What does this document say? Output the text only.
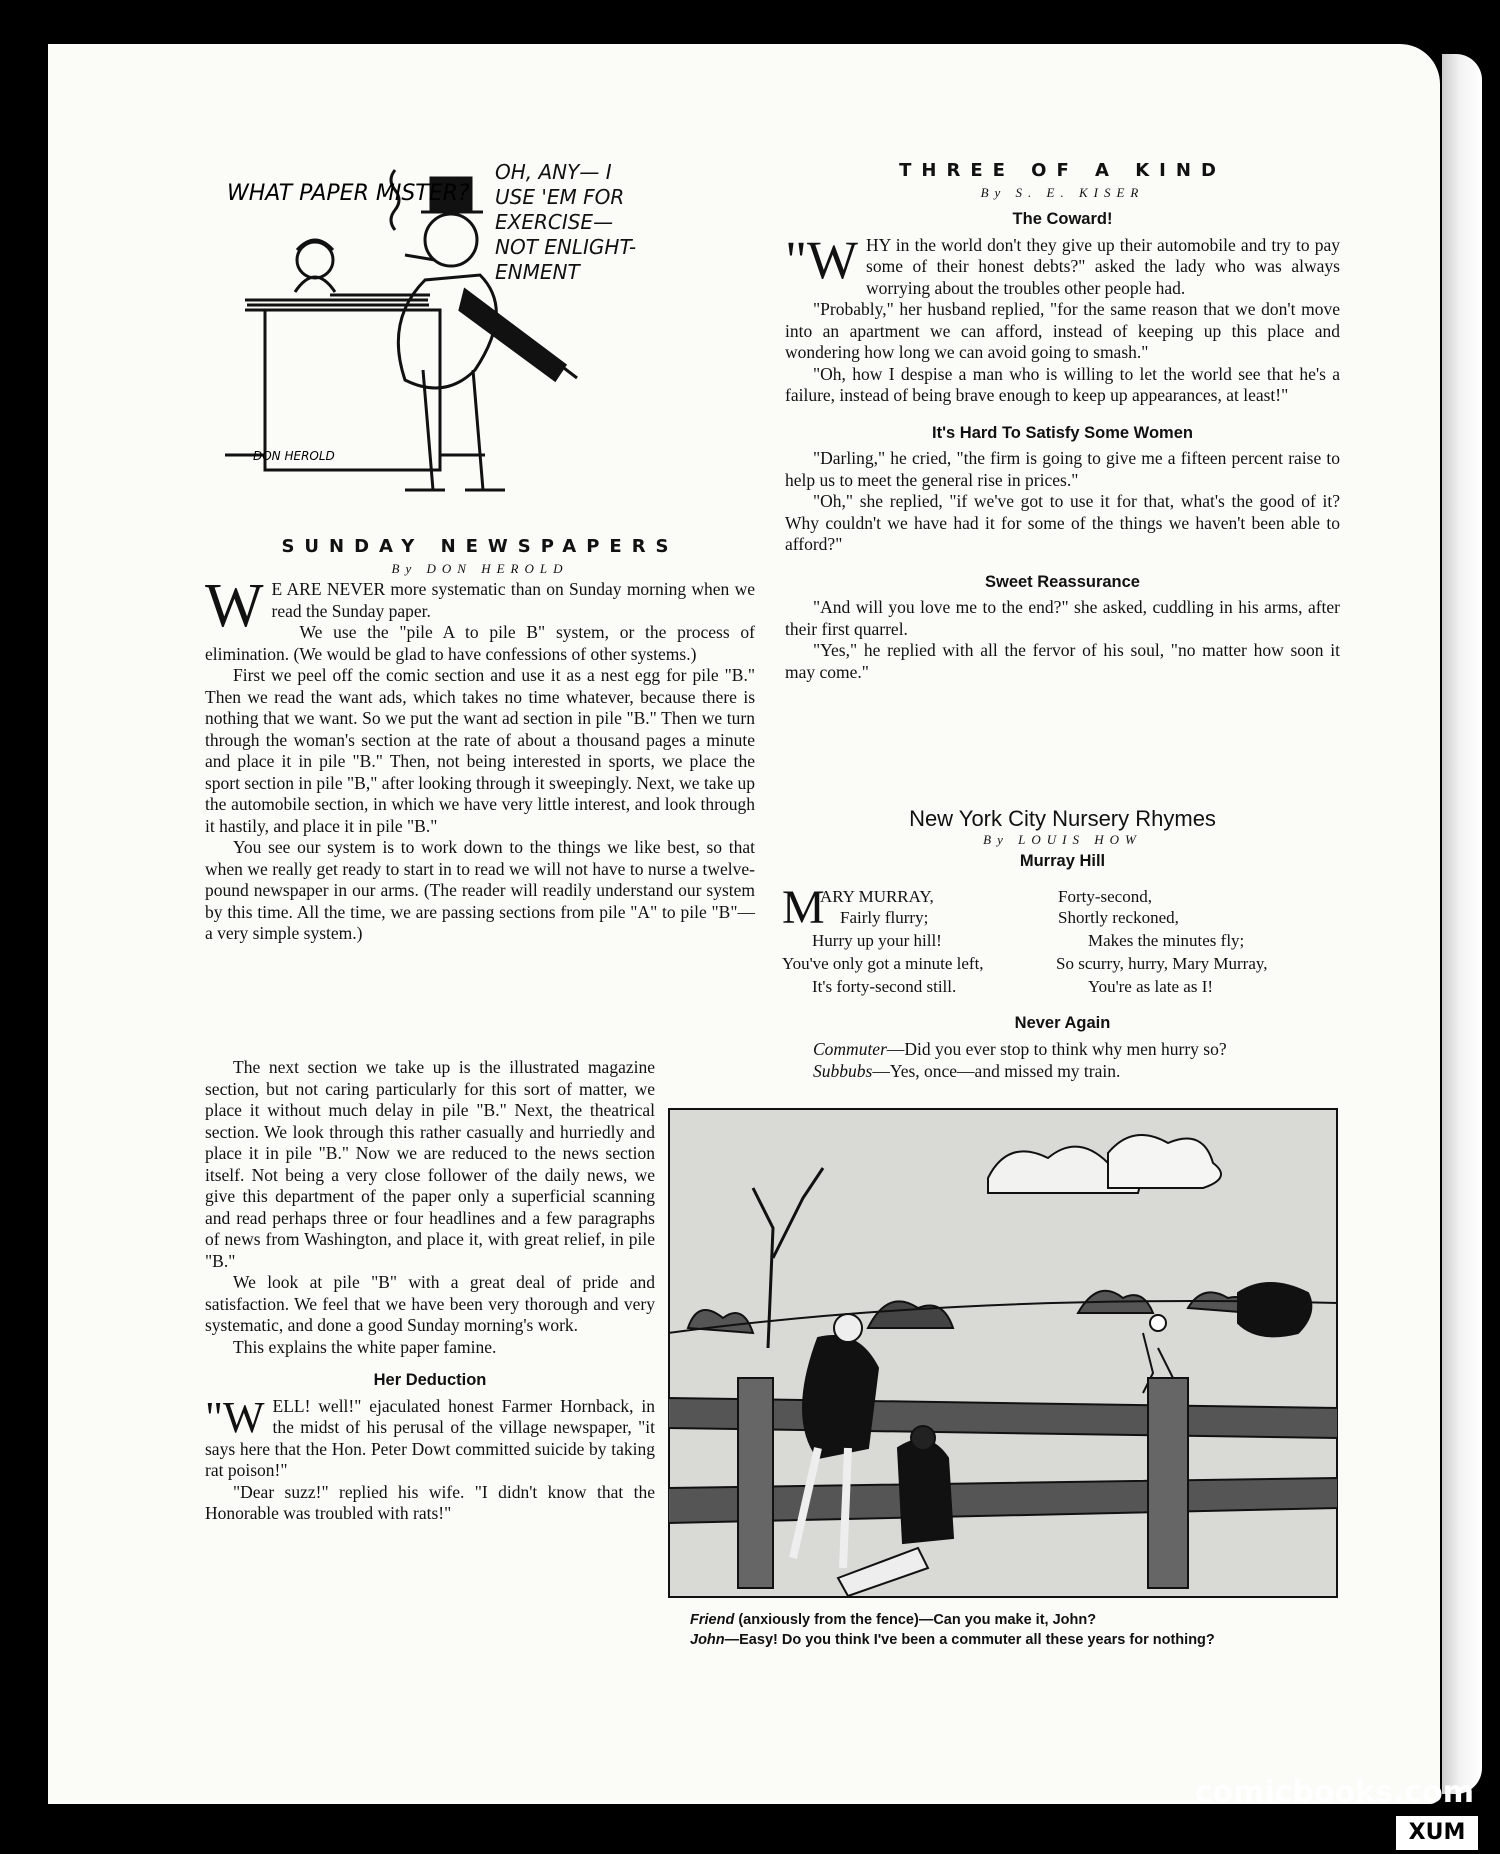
WHAT PAPER MISTER?
OH, ANY— I USE 'EM FOR EXERCISE— NOT ENLIGHT- ENMENT
DON HEROLD
SUNDAY NEWSPAPERS
By DON HEROLD

W E ARE NEVER more systematic than on Sunday morning when we read the Sunday paper.

We use the "pile A to pile B" system, or the process of elimination. (We would be glad to have confessions of other systems.)

First we peel off the comic section and use it as a nest egg for pile "B." Then we read the want ads, which takes no time whatever, because there is nothing that we want. So we put the want ad section in pile "B." Then we turn through the woman's section at the rate of about a thousand pages a minute and place it in pile "B." Then, not being interested in sports, we place the sport section in pile "B," after looking through it sweepingly. Next, we take up the automobile section, in which we have very little interest, and look through it hastily, and place it in pile "B."

You see our system is to work down to the things we like best, so that when we really get ready to start in to read we will not have to nurse a twelve-pound newspaper in our arms. (The reader will readily understand our system by this time. All the time, we are passing sections from pile "A" to pile "B"—a very simple system.)

The next section we take up is the illustrated magazine section, but not caring particularly for this sort of matter, we place it without much delay in pile "B." Next, the theatrical section. We look through this rather casually and hurriedly and place it in pile "B." Now we are reduced to the news section itself. Not being a very close follower of the daily news, we give this department of the paper only a superficial scanning and read perhaps three or four headlines and a few paragraphs of news from Washington, and place it, with great relief, in pile "B."

We look at pile "B" with a great deal of pride and satisfaction. We feel that we have been very thorough and very systematic, and done a good Sunday morning's work.

This explains the white paper famine.

Her Deduction

"WELL! well!" ejaculated honest Farmer Hornback, in the midst of his perusal of the village newspaper, "it says here that the Hon. Peter Dowt committed suicide by taking rat poison!"

"Dear suzz!" replied his wife. "I didn't know that the Honorable was troubled with rats!"

THREE OF A KIND
By S. E. KISER
The Coward!

"WHY in the world don't they give up their automobile and try to pay some of their honest debts?" asked the lady who was always worrying about the troubles other people had.

"Probably," her husband replied, "for the same reason that we don't move into an apartment we can afford, instead of keeping up this place and wondering how long we can avoid going to smash."

"Oh, how I despise a man who is willing to let the world see that he's a failure, instead of being brave enough to keep up appearances, at least!"

It's Hard To Satisfy Some Women

"Darling," he cried, "the firm is going to give me a fifteen percent raise to help us to meet the general rise in prices."

"Oh," she replied, "if we've got to use it for that, what's the good of it? Why couldn't we have had it for some of the things we haven't been able to afford?"

Sweet Reassurance

"And will you love me to the end?" she asked, cuddling in his arms, after their first quarrel.

"Yes," he replied with all the fervor of his soul, "no matter how soon it may come."

New York City Nursery Rhymes
By LOUIS HOW
Murray Hill
M
ARY MURRAY,
Fairly flurry;
Hurry up your hill!
You've only got a minute left,
It's forty-second still.
Forty-second,
Shortly reckoned,
Makes the minutes fly;
So scurry, hurry, Mary Murray,
You're as late as I!
Never Again
Commuter—Did you ever stop to think why men hurry so?
Subbubs—Yes, once—and missed my train.
Friend (anxiously from the fence)—Can you make it, John?
John—Easy! Do you think I've been a commuter all these years for nothing?
comicbooks.com
XUM
